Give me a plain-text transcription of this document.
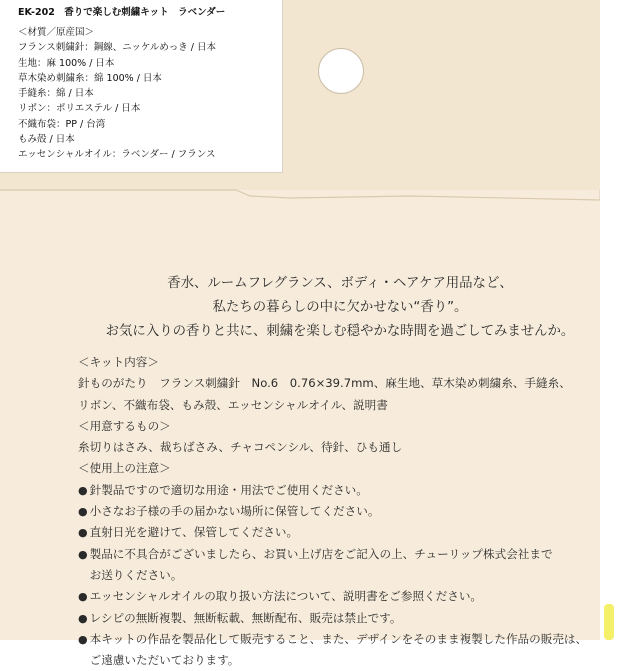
EK-202　香りで楽しむ刺繍キット　ラベンダー
＜材質／原産国＞
フランス刺繍針：鋼線、ニッケルめっき / 日本
生地：麻 100% / 日本
草木染め刺繍糸：綿 100% / 日本
手縫糸：綿 / 日本
リボン：ポリエステル / 日本
不織布袋：PP / 台湾
もみ殻 / 日本
エッセンシャルオイル：ラベンダー / フランス
香水、ルームフレグランス、ボディ・ヘアケア用品など、
私たちの暮らしの中に欠かせない“香り”。
お気に入りの香りと共に、刺繍を楽しむ穏やかな時間を過ごしてみませんか。
＜キット内容＞
針ものがたり　フランス刺繍針　No.6　0.76×39.7mm、麻生地、草木染め刺繍糸、手縫糸、
リボン、不織布袋、もみ殻、エッセンシャルオイル、説明書
＜用意するもの＞
糸切りはさみ、裁ちばさみ、チャコペンシル、待針、ひも通し
＜使用上の注意＞
● 針製品ですので適切な用途・用法でご使用ください。
● 小さなお子様の手の届かない場所に保管してください。
● 直射日光を避けて、保管してください。
● 製品に不具合がございましたら、お買い上げ店をご記入の上、チューリップ株式会社まで
　お送りください。
● エッセンシャルオイルの取り扱い方法について、説明書をご参照ください。
● レシピの無断複製、無断転載、無断配布、販売は禁止です。
● 本キットの作品を製品化して販売すること、また、デザインをそのまま複製した作品の販売は、
　ご遠慮いただいております。
